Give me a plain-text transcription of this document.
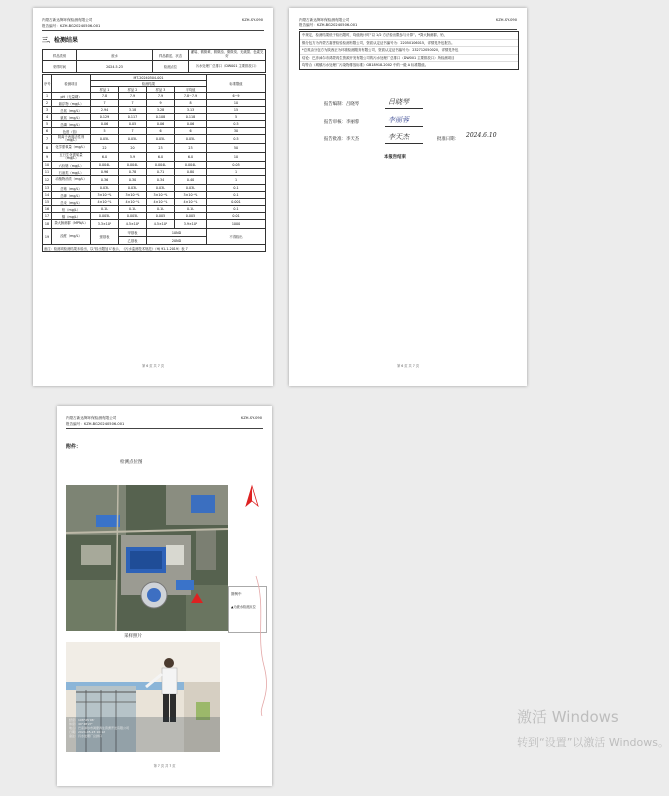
内蒙古新达辉环保检测有限公司
报告编号：KZH-BG20240506-001
KZH-SY-090
三、检测结果
样品类别	废水	样品描述、状态	灌装、微微黄、微微浊、微微臭、无破损、色素完好
采样时间	2024.5.23	检测点位	污水处理厂总排口（DW001 主要排放口）
序号	检测项目	MT-20240504-001				标准限值
		检测结果				
		样品 1	样品 2	样品 3	平均值	
1	pH（无量纲）	7.8	7.9	7.9	7.8~7.9	6~9
2	悬浮物（mg/L）	7	7	9	8	10
3	总氮（mg/L）	2.94	3.18	3.28	3.13	15
4	氨氮（mg/L）	0.129	0.117	0.108	0.118	5
5	总磷（mg/L）	0.06	0.05	0.06	0.06	0.5
6	色度（倍）	5	7	6	6	30
7	阴离子表面活性剂（mg/L）	0.05L	0.05L	0.05L	0.05L	0.5
8	化学需氧量（mg/L）	22	20	23	23	50
9	五日生化需氧量（mg/L）	6.0	5.9	6.0	6.0	10
10	六价铬（mg/L）	0.004L	0.004L	0.004L	0.004L	0.05
11	石油类（mg/L）	0.96	0.78	0.71	0.80	1
12	动植物油类（mg/L）	0.36	0.30	0.34	0.40	1
13	总铬（mg/L）	0.03L	0.03L	0.03L	0.03L	0.1
14	总砷（mg/L）	3×10⁻⁴L	3×10⁻⁴L	3×10⁻⁴L	3×10⁻⁴L	0.1
15	总汞（mg/L）	4×10⁻⁵L	4×10⁻⁵L	4×10⁻⁵L	4×10⁻⁵L	0.001
16	铅（mg/L）	0.1L	0.1L	0.1L	0.1L	0.1
17	镉（mg/L）	0.005L	0.005L	0.005	0.005	0.01
18	粪大肠菌群（MPN/L）	3.3×10²	4.5×10²	4.5×10²	3.9×10²	1000
19	浊度（mg/L）	颈基表	甲基表	10ND		不得检出
			乙基表	20ND		
备注：检测项检测结果未检出，以“检出限加 L”表示，《污水监测技术规范》（HJ 91.1-2019）表 7						
第 6 页 共 7 页
内蒙古新达辉环保检测有限公司
报告编号：KZH-BG20240506-001
KZH-SY-090
中规定，检测结果低于检出限时，均值统计时“以 1/2 方法检出限参与计算”。*粪大肠菌群、铅、
镉分包方为内蒙古嘉誉检验检测有限公司，资质认定证书编号为：22050106015，详情见外包报告。
*总氮由分包方为陕西正为环境检测服务有限公司，资质认定证书编号为：232712050020，详情见外包
结论：巴彦淖尔市鸿蒙再生资源开发有限公司的污水处理厂总排口（DW001 主要排放口）所检测项目
均符合《城镇污水处理厂污染物排放标准》GB18918-2002 中的一级 A 标准限值。
报告编制：吕晓琴	吕晓琴
报告审核：李丽蓉	李丽蓉
报告批准：李天杰	李天杰	批准日期：
2024.6.10
本报告结束
第 6 页 共 7 页
内蒙古新达辉环保检测有限公司
报告编号：KZH-BG20240506-001
KZH-SY-090
附件：
检测点位图
图例中
▲为废水检测点位
采样照片
经度：108°25′06″
纬度：40°48′27″
地点：巴彦淖尔市鸿蒙再生资源开发有限公司
日期：2024-05-23 10:12
备注：污水处理厂总排口
第 7 页 共 7 页
激活 Windows
转到“设置”以激活 Windows。
